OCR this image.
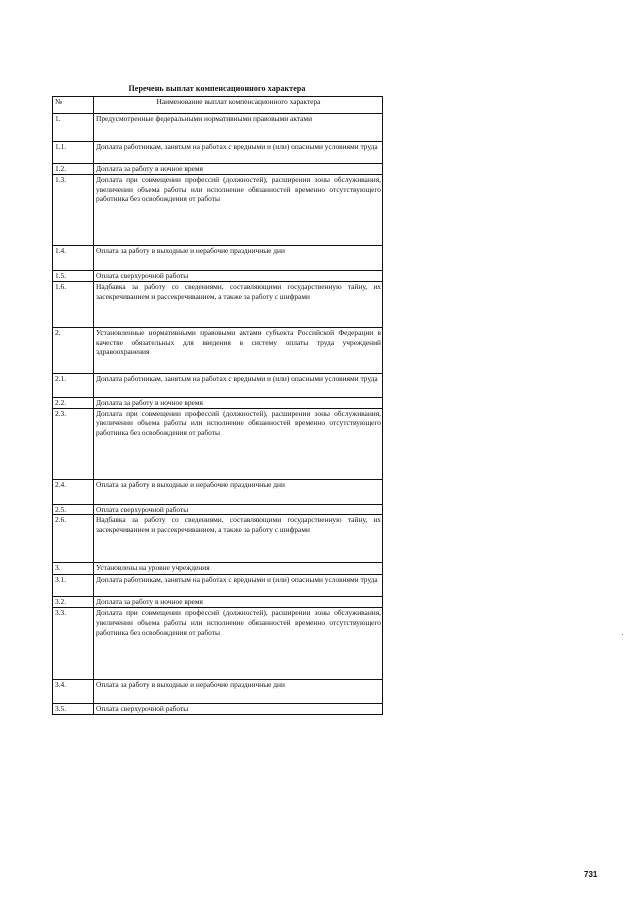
Перечень выплат компенсационного характера
№	Наименование выплат компенсационного характера
1.	Предусмотренные федеральными нормативными правовыми актами
1.1.	Доплата работникам, занятым на работах с вредными и (или) опасными условиями труда
1.2.	Доплата за работу в ночное время
1.3.	Доплата при совмещении профессий (должностей), расширении зоны обслуживания, увеличении объема работы или исполнение обязанностей временно отсутствующего работника без освобождения от работы
1.4.	Оплата за работу в выходные и нерабочие праздничные дни
1.5.	Оплата сверхурочной работы
1.6.	Надбавка за работу со сведениями, составляющими государственную тайну, их засекречиванием и рассекречиванием, а также за работу с шифрами
2.	Установленные нормативными правовыми актами субъекта Российской Федерации в качестве обязательных для введения в систему оплаты труда учреждений здравоохранения
2.1.	Доплата работникам, занятым на работах с вредными и (или) опасными условиями труда
2.2.	Доплата за работу в ночное время
2.3.	Доплата при совмещении профессий (должностей), расширении зоны обслуживания, увеличении объема работы или исполнение обязанностей временно отсутствующего работника без освобождения от работы
2.4.	Оплата за работу в выходные и нерабочие праздничные дни
2.5.	Оплата сверхурочной работы
2.6.	Надбавка за работу со сведениями, составляющими государственную тайну, их засекречиванием и рассекречиванием, а также за работу с шифрами
3.	Установлены на уровне учреждения
3.1.	Доплата работникам, занятым на работах с вредными и (или) опасными условиями труда
3.2.	Доплата за работу в ночное время
3.3.	Доплата при совмещении профессий (должностей), расширении зоны обслуживания, увеличении объема работы или исполнение обязанностей временно отсутствующего работника без освобождения от работы
3.4.	Оплата за работу в выходные и нерабочие праздничные дни
3.5.	Оплата сверхурочной работы
731
